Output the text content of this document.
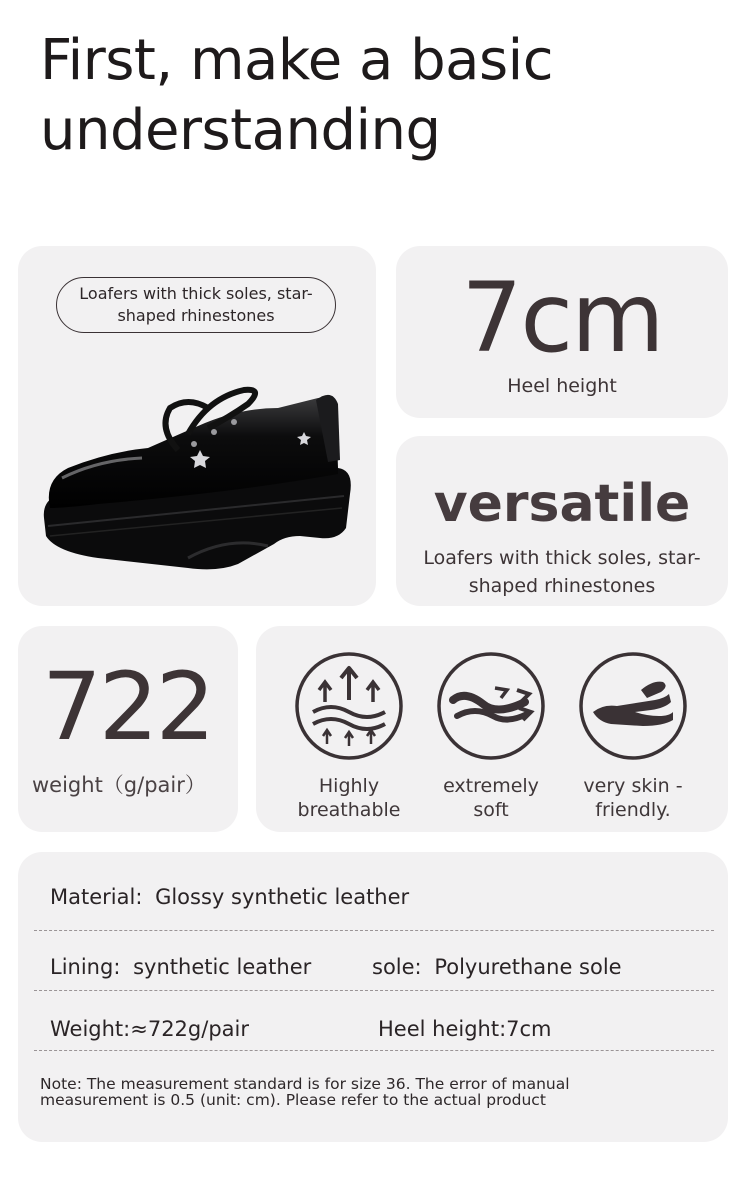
First, make a basic understanding
Loafers with thick soles, star-shaped rhinestones	7cm
Heel height
versatile
Loafers with thick soles, star-shaped rhinestones
722
weight（g/pair）	Highly breathable
extremely soft
very skin -friendly.
Material: Glossy synthetic leather
Lining: synthetic leather	sole: Polyurethane sole
Weight:≈722g/pair	Heel height:7cm
Note: The measurement standard is for size 36. The error of manual measurement is 0.5 (unit: cm). Please refer to the actual product
